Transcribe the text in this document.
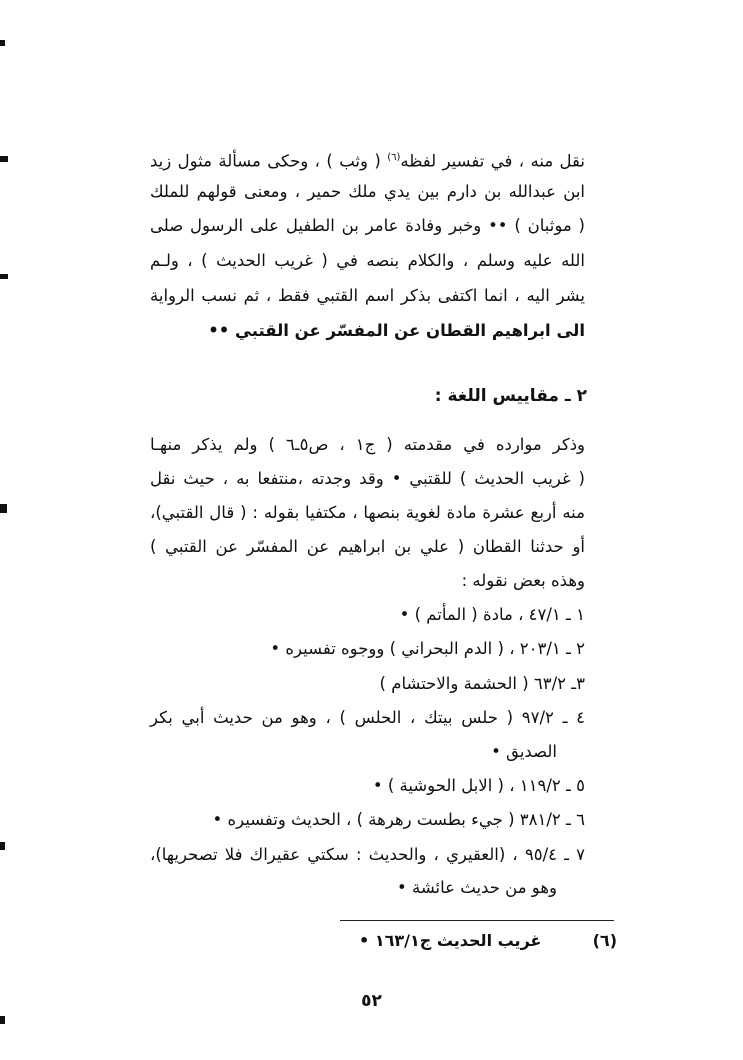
نقل منه ، في تفسير لفظه$^{(٦)}$ ( وثب ) ، وحكى مسألة مثول زيد
ابن عبدالله بن دارم بين يدي ملك حمير ، ومعنى قولهم للملك
( موثبان ) •• وخبر وفادة عامر بن الطفيل على الرسول صلى
الله عليه وسلم ، والكلام بنصه في ( غريب الحديث ) ، ولـم
يشر اليه ، انما اكتفى بذكر اسم القتبي فقط ، ثم نسب الرواية
الى ابراهيم القطان عن المفسّر عن القتبي ••
٢ ـ مقاييس اللغة :
وذكر موارده في مقدمته ( ج١ ، ص٥ـ٦ ) ولم يذكر منهـا
( غريب الحديث ) للقتبي • وقد وجدته ،منتفعا به ، حيث نقل
منه أربع عشرة مادة لغوية بنصها ، مكتفيا بقوله : ( قال القتبي)،
أو حدثنا القطان ( علي بن ابراهيم عن المفسّر عن القتبي )
وهذه بعض نقوله :
١ ـ ٤٧/١ ، مادة ( المأتم ) •
٢ ـ ٢٠٣/١ ، ( الدم البحراني ) ووجوه تفسيره •
٣ـ ٦٣/٢ ( الحشمة والاحتشام )
٤ ـ ٩٧/٢ ( حلس بيتك ، الحلس ) ، وهو من حديث أبي بكر
الصديق •
٥ ـ ١١٩/٢ ، ( الابل الحوشية ) •
٦ ـ ٣٨١/٢ ( جيء بطست رهرهة ) ، الحديث وتفسيره •
٧ ـ ٩٥/٤ ، (العقيري ، والحديث : سكتي عقيراك فلا تصحريها)،
وهو من حديث عائشة •
(٦)  غريب الحديث ج١٦٣/١ •
٥٢
